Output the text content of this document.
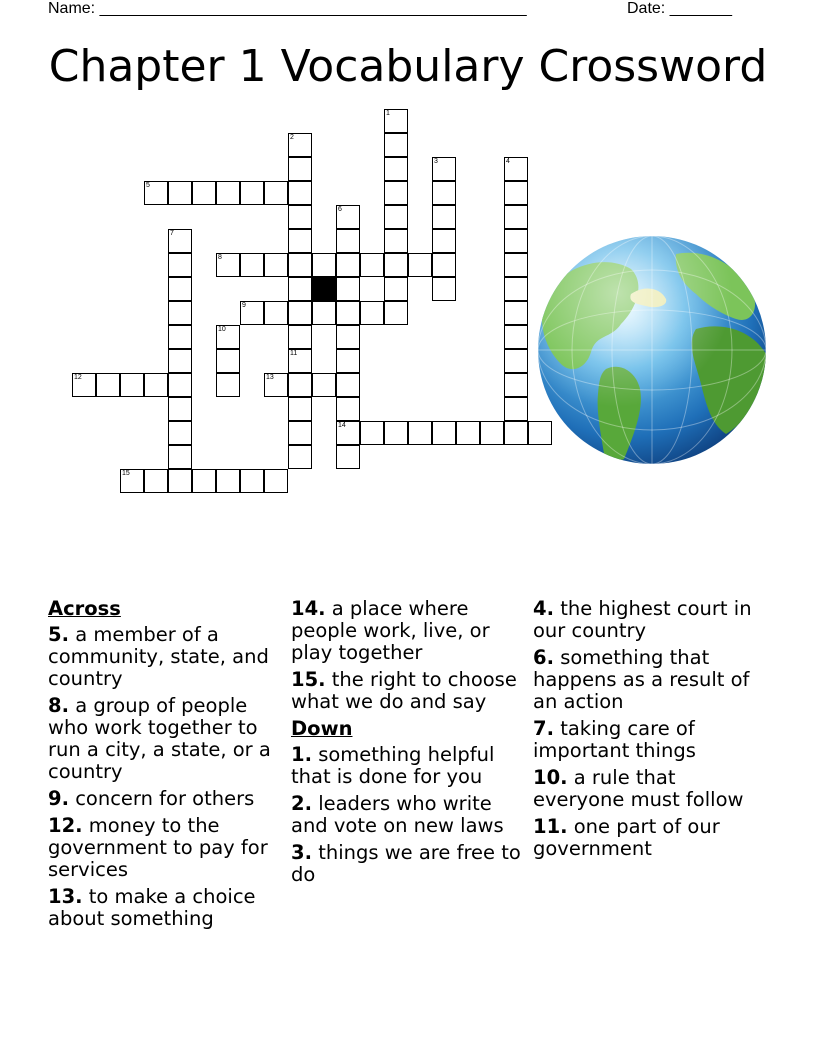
Name: ________________________________________________	Date: _______
Chapter 1 Vocabulary Crossword
1
2
11
3	4
5
6
14
7
8
9
10
12	13
15
Across
5. a member of a community, state, and country
8. a group of people who work together to run a city, a state, or a country
9. concern for others
12. money to the government to pay for services
13. to make a choice about something
14. a place where people work, live, or play together
15. the right to choose what we do and say
Down
1. something helpful that is done for you
2. leaders who write and vote on new laws
3. things we are free to do
4. the highest court in our country
6. something that happens as a result of an action
7. taking care of important things
10. a rule that everyone must follow
11. one part of our government
